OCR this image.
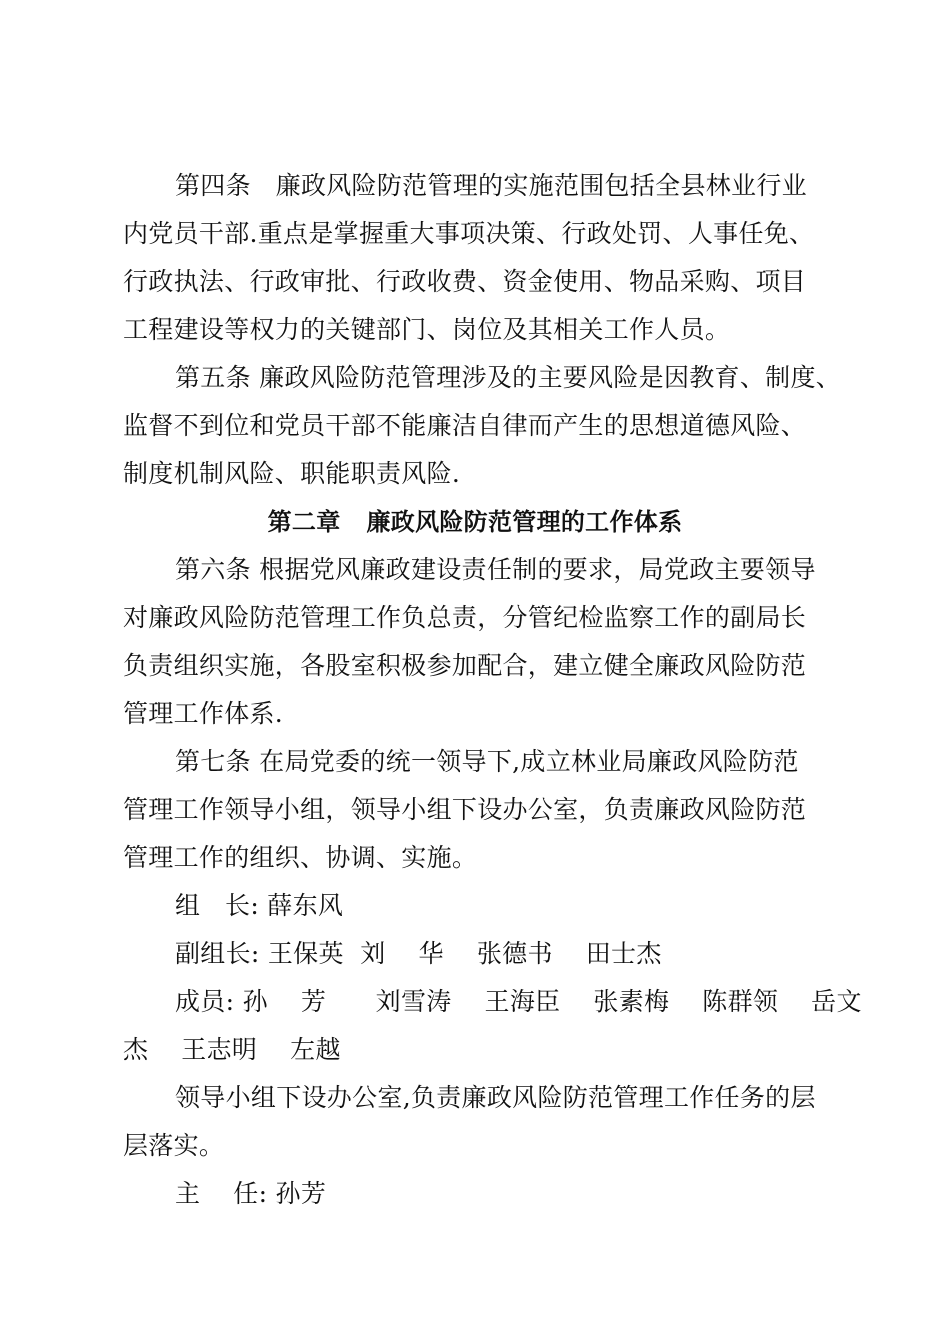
第四条   廉政风险防范管理的实施范围包括全县林业行业
内党员干部.重点是掌握重大事项决策、行政处罚、人事任免、
行政执法、行政审批、行政收费、资金使用、物品采购、项目
工程建设等权力的关键部门、岗位及其相关工作人员。
第五条 廉政风险防范管理涉及的主要风险是因教育、制度、
监督不到位和党员干部不能廉洁自律而产生的思想道德风险、
制度机制风险、职能职责风险.
第二章   廉政风险防范管理的工作体系
第六条 根据党风廉政建设责任制的要求，局党政主要领导
对廉政风险防范管理工作负总责，分管纪检监察工作的副局长
负责组织实施，各股室积极参加配合，建立健全廉政风险防范
管理工作体系.
第七条 在局党委的统一领导下,成立林业局廉政风险防范
管理工作领导小组，领导小组下设办公室，负责廉政风险防范
管理工作的组织、协调、实施。
组   长: 薛东风
副组长: 王保英  刘    华    张德书    田士杰
成员: 孙    芳      刘雪涛    王海臣    张素梅    陈群领    岳文
杰    王志明    左越
领导小组下设办公室,负责廉政风险防范管理工作任务的层
层落实。
主    任: 孙芳
